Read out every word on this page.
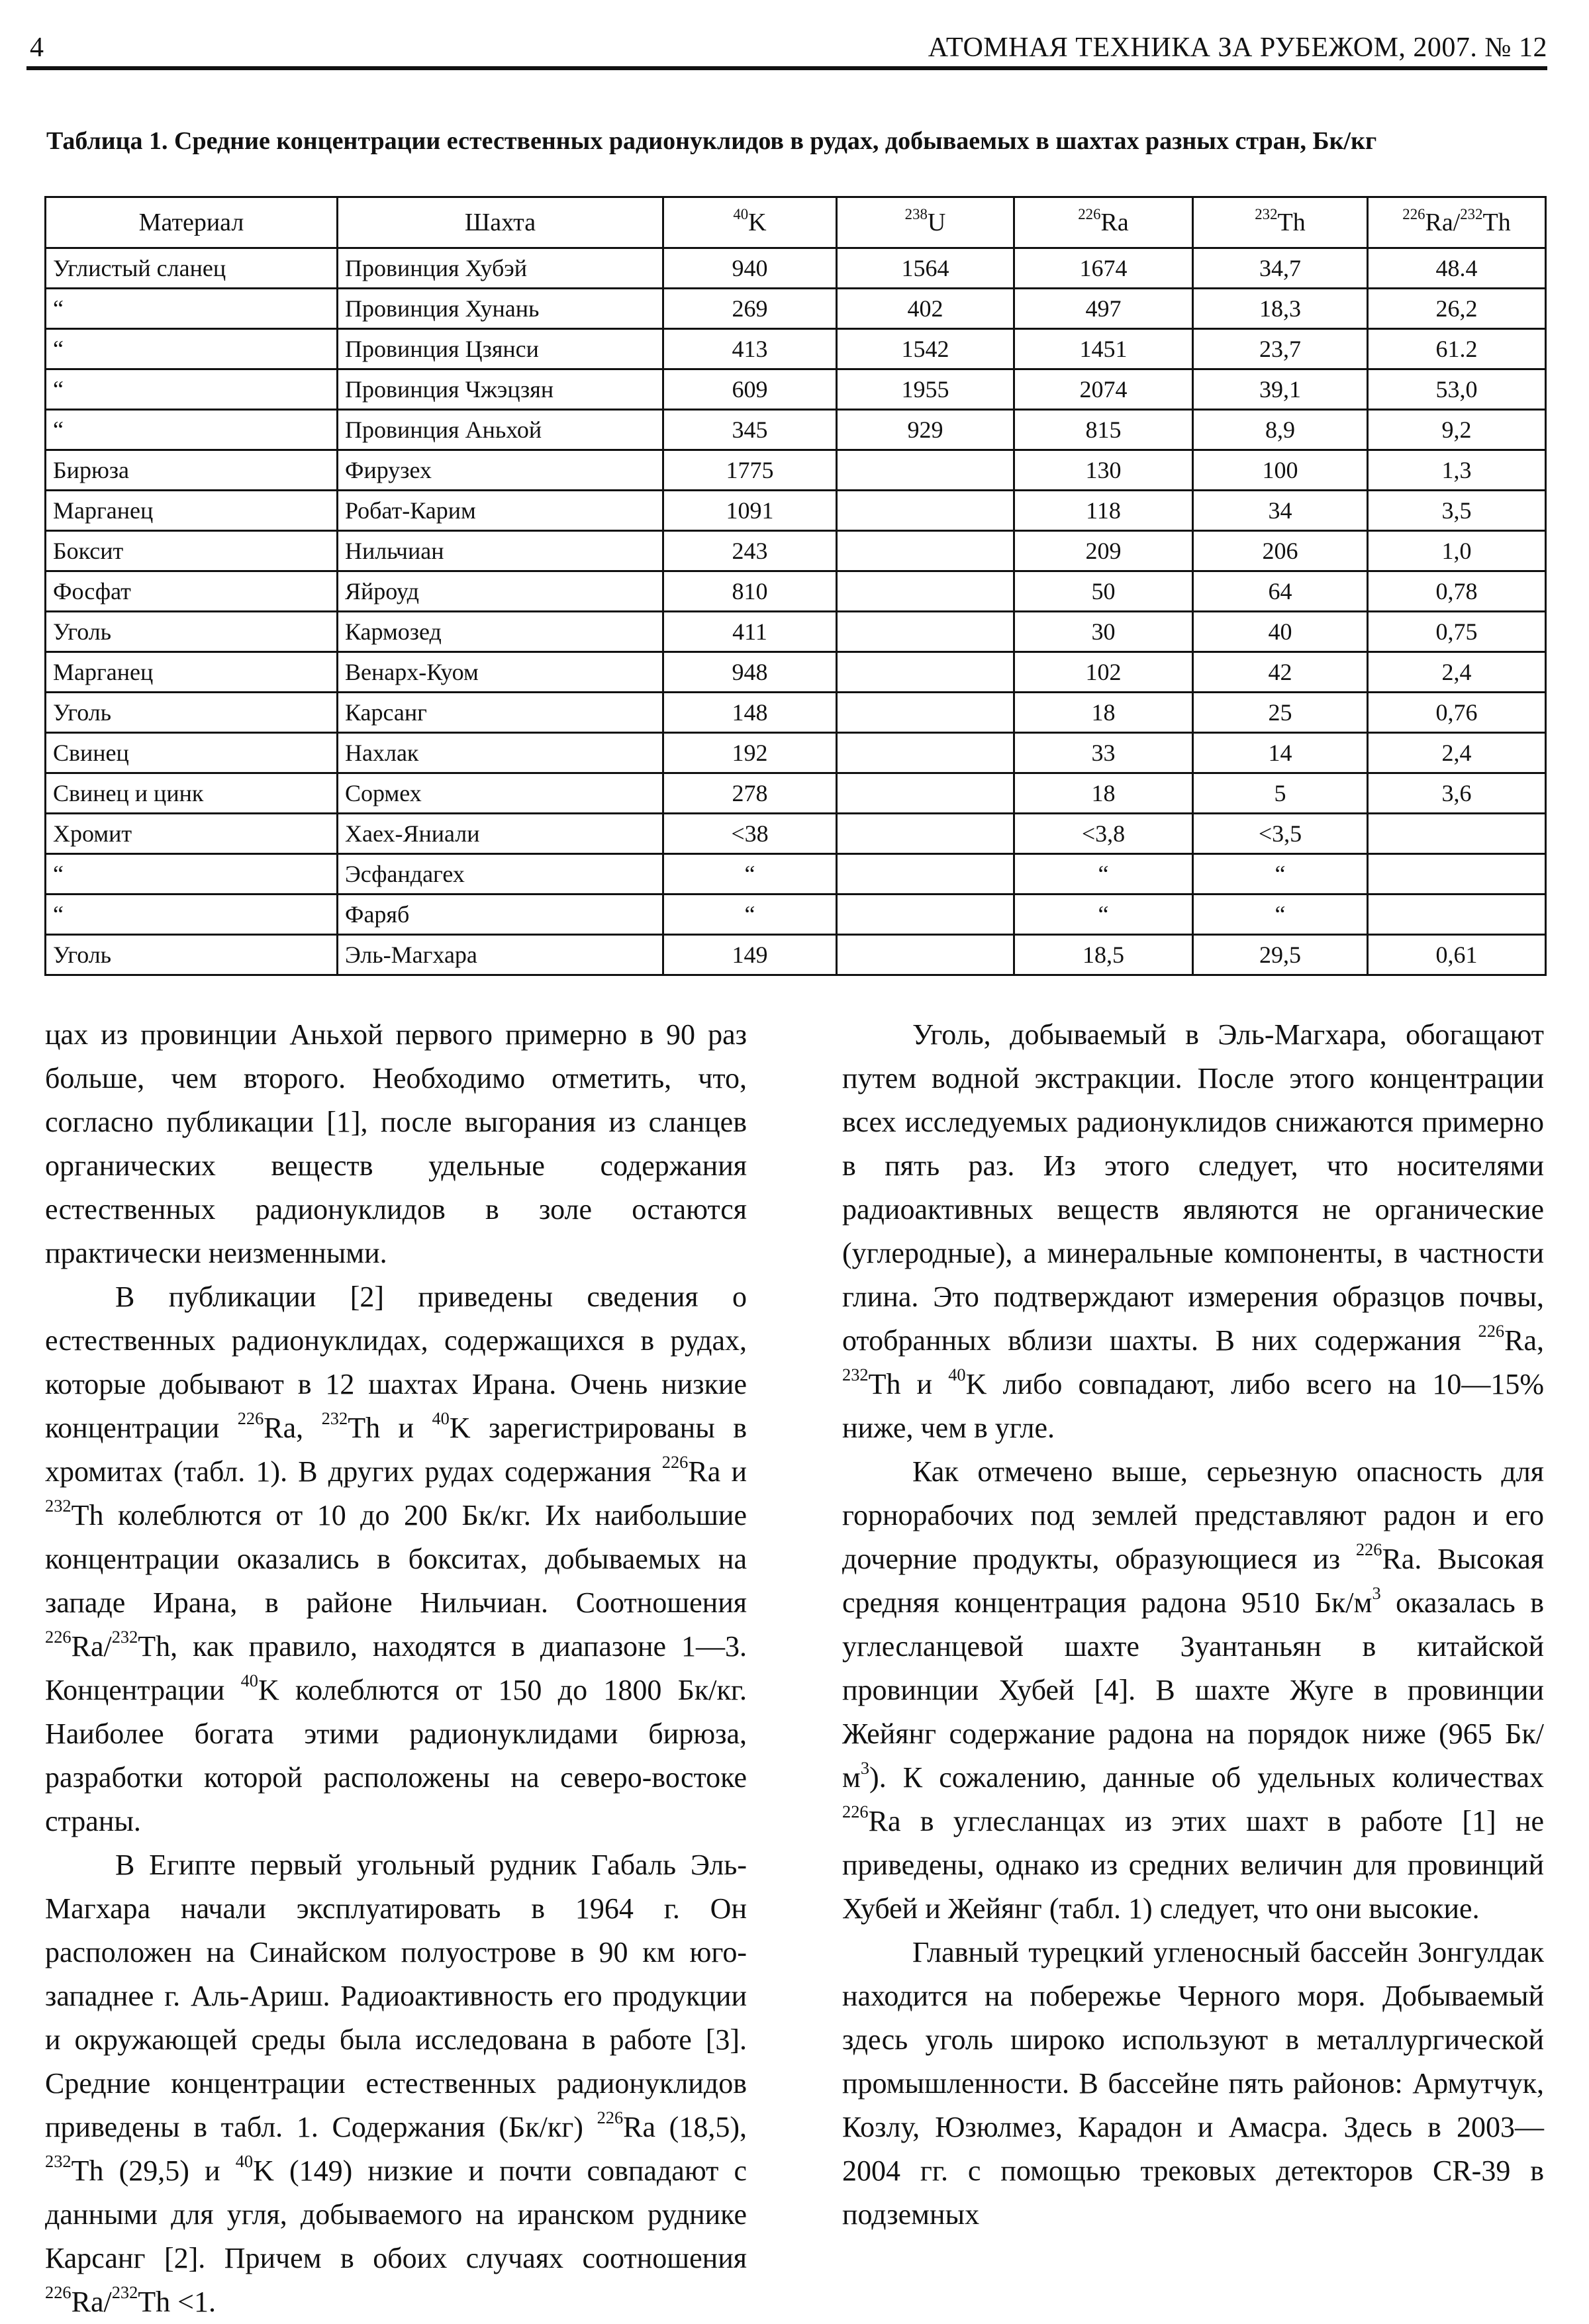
4	АТОМНАЯ ТЕХНИКА ЗА РУБЕЖОМ, 2007. № 12
Таблица 1. Средние концентрации естественных радионуклидов в рудах, добываемых в шахтах разных стран, Бк/кг
Материал	Шахта	$^{40}$K	$^{238}$U	$^{226}$Ra	$^{232}$Th	$^{226}$Ra/$^{232}$Th
Углистый сланец	Провинция Хубэй	940	1564	1674	34,7	48.4
“	Провинция Хунань	269	402	497	18,3	26,2
“	Провинция Цзянси	413	1542	1451	23,7	61.2
“	Провинция Чжэцзян	609	1955	2074	39,1	53,0
“	Провинция Аньхой	345	929	815	8,9	9,2
Бирюза	Фирузех	1775		130	100	1,3
Марганец	Робат-Карим	1091		118	34	3,5
Боксит	Нильчиан	243		209	206	1,0
Фосфат	Яйроуд	810		50	64	0,78
Уголь	Кармозед	411		30	40	0,75
Марганец	Венарх-Куом	948		102	42	2,4
Уголь	Карсанг	148		18	25	0,76
Свинец	Нахлак	192		33	14	2,4
Свинец и цинк	Сормех	278		18	5	3,6
Хромит	Хаех-Яниали	<38		<3,8	<3,5	
“	Эсфандагех	“		“	“	
“	Фаряб	“		“	“	
Уголь	Эль-Магхара	149		18,5	29,5	0,61

цах из провинции Аньхой первого примерно в 90 раз больше, чем второго. Необходимо отметить, что, согласно публикации [1], после выгорания из сланцев органических веществ удельные содержания естественных радионуклидов в золе остаются практически неизменными.

В публикации [2] приведены сведения о естественных радионуклидах, содержащихся в рудах, которые добывают в 12 шахтах Ирана. Очень низкие концентрации $^{226}$Ra, $^{232}$Th и $^{40}$K зарегистрированы в хромитах (табл. 1). В других рудах содержания $^{226}$Ra и $^{232}$Th колеблются от 10 до 200 Бк/кг. Их наибольшие концентрации оказались в бокситах, добываемых на западе Ирана, в районе Нильчиан. Соотношения $^{226}$Ra/$^{232}$Th, как правило, находятся в диапазоне 1—3. Концентрации $^{40}$K колеблются от 150 до 1800 Бк/кг. Наиболее богата этими радионуклидами бирюза, разработки которой расположены на северо-востоке страны.

В Египте первый угольный рудник Габаль Эль-Магхара начали эксплуатировать в 1964 г. Он расположен на Синайском полуострове в 90 км юго-западнее г. Аль-Ариш. Радиоактивность его продукции и окружающей среды была исследована в работе [3]. Средние концентрации естественных радионуклидов приведены в табл. 1. Содержания (Бк/кг) $^{226}$Ra (18,5), $^{232}$Th (29,5) и $^{40}$K (149) низкие и почти совпадают с данными для угля, добываемого на иранском руднике Карсанг [2]. Причем в обоих случаях соотношения $^{226}$Ra/$^{232}$Th <1.

Уголь, добываемый в Эль-Магхара, обогащают путем водной экстракции. После этого концентрации всех исследуемых радионуклидов снижаются примерно в пять раз. Из этого следует, что носителями радиоактивных веществ являются не органические (углеродные), а минеральные компоненты, в частности глина. Это подтверждают измерения образцов почвы, отобранных вблизи шахты. В них содержания $^{226}$Ra, $^{232}$Th и $^{40}$K либо совпадают, либо всего на 10—15% ниже, чем в угле.

Как отмечено выше, серьезную опасность для горнорабочих под землей представляют радон и его дочерние продукты, образующиеся из $^{226}$Ra. Высокая средняя концентрация радона 9510 $Бк/м^3$ оказалась в углесланцевой шахте Зуантаньян в китайской провинции Хубей [4]. В шахте Жуге в провинции Жейянг содержание радона на порядок ниже (965 $Бк/м^3$). К сожалению, данные об удельных количествах $^{226}$Ra в углесланцах из этих шахт в работе [1] не приведены, однако из средних величин для провинций Хубей и Жейянг (табл. 1) следует, что они высокие.

Главный турецкий угленосный бассейн Зонгулдак находится на побережье Черного моря. Добываемый здесь уголь широко используют в металлургической промышленности. В бассейне пять районов: Армутчук, Козлу, Юзюлмез, Карадон и Амасра. Здесь в 2003—2004 гг. с помощью трековых детекторов CR-39 в подземных
